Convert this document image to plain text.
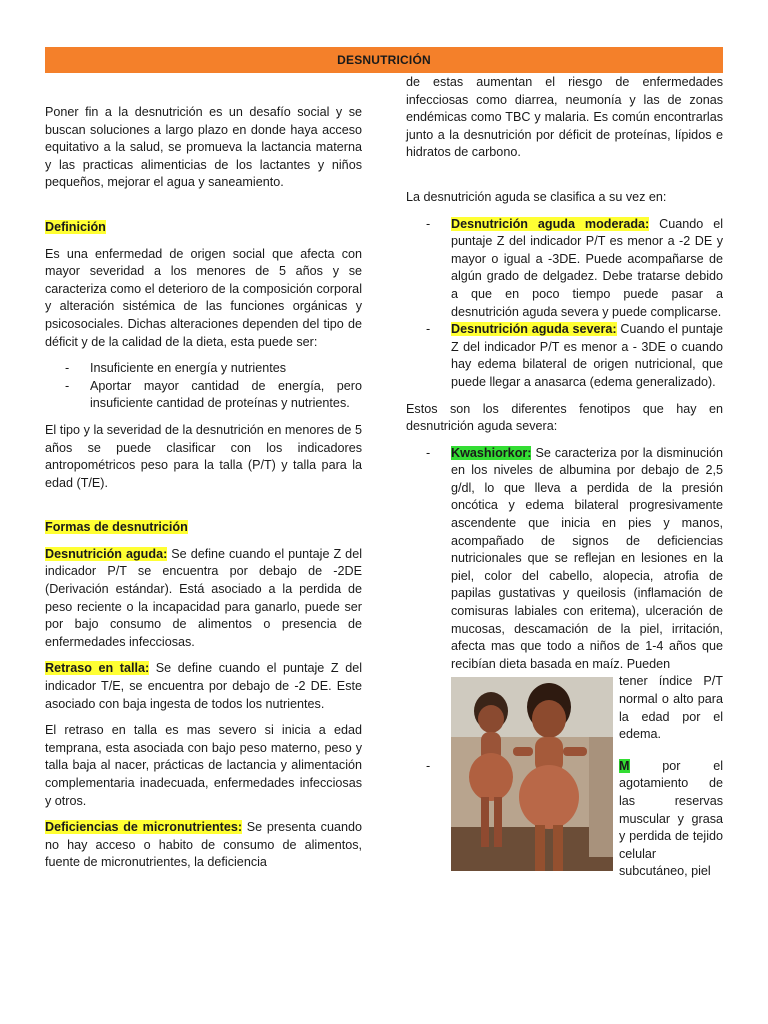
DESNUTRICIÓN

Poner fin a la desnutrición es un desafío social y se buscan soluciones a largo plazo en donde haya acceso equitativo a la salud, se promueva la lactancia materna y las practicas alimenticias de los lactantes y niños pequeños, mejorar el agua y saneamiento.

Definición

Es una enfermedad de origen social que afecta con mayor severidad a los menores de 5 años y se caracteriza como el deterioro de la composición corporal y alteración sistémica de las funciones orgánicas y psicosociales. Dichas alteraciones dependen del tipo de déficit y de la calidad de la dieta, esta puede ser:

- Insuficiente en energía y nutrientes
- Aportar mayor cantidad de energía, pero insuficiente cantidad de proteínas y nutrientes.

El tipo y la severidad de la desnutrición en menores de 5 años se puede clasificar con los indicadores antropométricos peso para la talla (P/T) y talla para la edad (T/E).

Formas de desnutrición

Desnutrición aguda: Se define cuando el puntaje Z del indicador P/T se encuentra por debajo de -2DE (Derivación estándar). Está asociado a la perdida de peso reciente o la incapacidad para ganarlo, puede ser por bajo consumo de alimentos o presencia de enfermedades infecciosas.

Retraso en talla: Se define cuando el puntaje Z del indicador T/E, se encuentra por debajo de -2 DE. Este asociado con baja ingesta de todos los nutrientes.

El retraso en talla es mas severo si inicia a edad temprana, esta asociada con bajo peso materno, peso y talla baja al nacer, prácticas de lactancia y alimentación complementaria inadecuada, enfermedades infecciosas y otros.

Deficiencias de micronutrientes: Se presenta cuando no hay acceso o habito de consumo de alimentos, fuente de micronutrientes, la deficiencia

de estas aumentan el riesgo de enfermedades infecciosas como diarrea, neumonía y las de zonas endémicas como TBC y malaria. Es común encontrarlas junto a la desnutrición por déficit de proteínas, lípidos e hidratos de carbono.

La desnutrición aguda se clasifica a su vez en:

- Desnutrición aguda moderada: Cuando el puntaje Z del indicador P/T es menor a -2 DE y mayor o igual a -3DE. Puede acompañarse de algún grado de delgadez. Debe tratarse debido a que en poco tiempo puede pasar a desnutrición aguda severa y puede complicarse.
- Desnutrición aguda severa: Cuando el puntaje Z del indicador P/T es menor a - 3DE o cuando hay edema bilateral de origen nutricional, que puede llegar a anasarca (edema generalizado).

Estos son los diferentes fenotipos que hay en desnutrición aguda severa:

- Kwashiorkor: Se caracteriza por la disminución en los niveles de albumina por debajo de 2,5 g/dl, lo que lleva a perdida de la presión oncótica y edema bilateral progresivamente ascendente que inicia en pies y manos, acompañado de signos de deficiencias nutricionales que se reflejan en lesiones en la piel, color del cabello, alopecia, atrofia de papilas gustativas y queilosis (inflamación de comisuras labiales con eritema), ulceración de mucosas, descamación de la piel, irritación, afecta mas que todo a niños de 1-4 años que recibían dieta basada en maíz. Pueden
tener índice P/T normal o alto para la edad por el edema.
- M	por el agotamiento de las reservas muscular y grasa y perdida de tejido celular subcutáneo, piel
